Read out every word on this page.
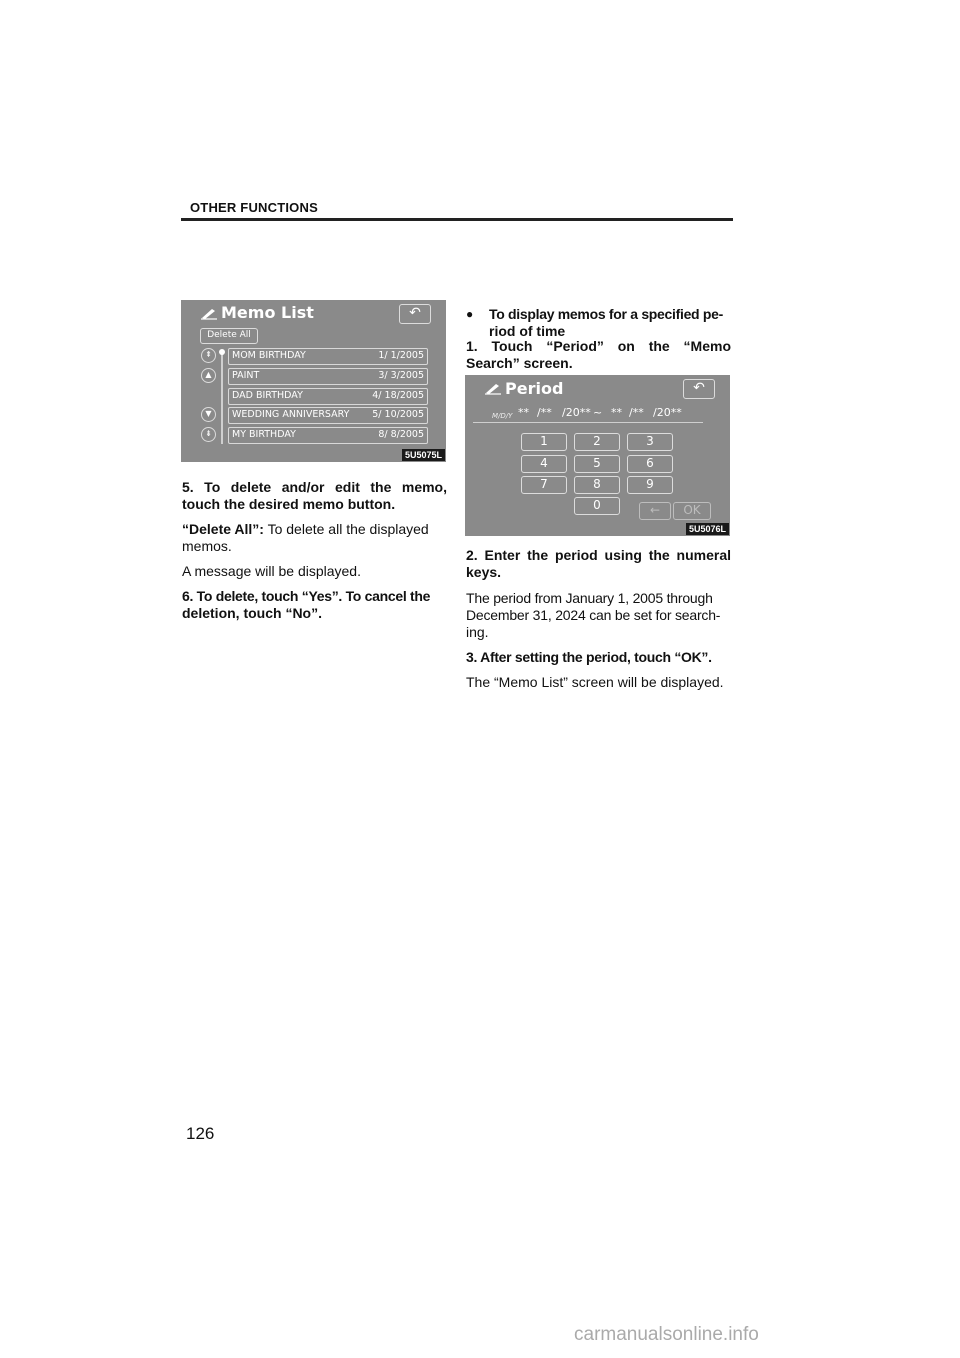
OTHER FUNCTIONS
Memo List	↶
Delete All
⇞
▲
▼
⇟
MOM BIRTHDAY	1/ 1/2005
PAINT	3/ 3/2005
DAD BIRTHDAY	4/ 18/2005
WEDDING ANNIVERSARY 5/ 10/2005
MY BIRTHDAY	8/ 8/2005
5U5075L
5. To delete and/or edit the memo,
touch the desired memo button.
“Delete All”: To delete all the displayed
memos.
A message will be displayed.
6. To delete, touch “Yes”. To cancel the
deletion, touch “No”.
● To display memos for a specified pe-
riod of time
1. Touch “Period” on the “Memo
Search” screen.
Period	↶
M/D/Y ** /** /20** ~ ** /** /20**
1	2	3
4	5	6
7	8	9
0	←	OK
5U5076L
2. Enter the period using the numeral
keys.
The period from January 1, 2005 through
December 31, 2024 can be set for search-
ing.
3. After setting the period, touch “OK”.
The “Memo List” screen will be displayed.
126
carmanualsonline.info
